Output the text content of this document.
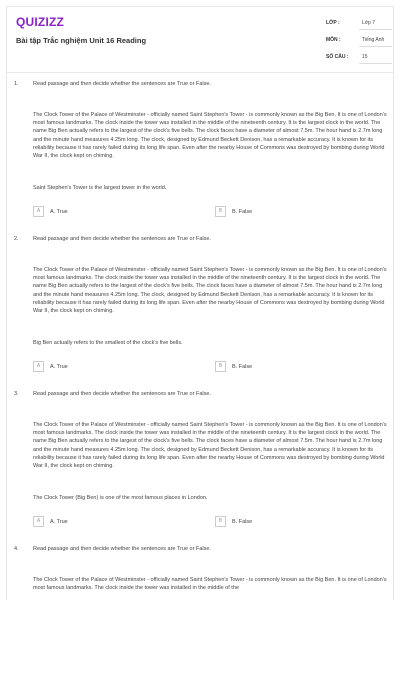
QUIZIZZ
Bài tập Trắc nghiệm Unit 16 Reading
LỚP :	Lớp 7
MÔN :	Tiếng Anh
SỐ CÂU :	15
1.	Read passage and then decide whether the sentences are True or False.
The Clock Tower of the Palace of Westminster - officially named Saint Stephen's Tower - is commonly known as the Big Ben. It is one of London's most famous landmarks. The clock inside the tower was installed in the middle of the nineteenth century. It is the largest clock in the world. The name Big Ben actually refers to the largest of the clock's five bells. The clock faces have a diameter of almost 7.5m. The hour hand is 2.7m long and the minute hand measures 4.25m long. The clock, designed by Edmund Beckett Denison, has a remarkable accuracy. It is known for its reliability because it has rarely failed during its long life span. Even after the nearby House of Commons was destroyed by bombing during World War II, the clock kept on chiming.
Saint Stephen's Tower is the largest tower in the world.
A	A. True	B	B. False
2.	Read passage and then decide whether the sentences are True or False.
The Clock Tower of the Palace of Westminster - officially named Saint Stephen's Tower - is commonly known as the Big Ben. It is one of London's most famous landmarks. The clock inside the tower was installed in the middle of the nineteenth century. It is the largest clock in the world. The name Big Ben actually refers to the largest of the clock's five bells. The clock faces have a diameter of almost 7.5m. The hour hand is 2.7m long and the minute hand measures 4.25m long. The clock, designed by Edmund Beckett Denison, has a remarkable accuracy. It is known for its reliability because it has rarely failed during its long life span. Even after the nearby House of Commons was destroyed by bombing during World War II, the clock kept on chiming.
Big Ben actually refers to the smallest of the clock's five bells.
A	A. True	B	B. False
3.	Read passage and then decide whether the sentences are True or False.
The Clock Tower of the Palace of Westminster - officially named Saint Stephen's Tower - is commonly known as the Big Ben. It is one of London's most famous landmarks. The clock inside the tower was installed in the middle of the nineteenth century. It is the largest clock in the world. The name Big Ben actually refers to the largest of the clock's five bells. The clock faces have a diameter of almost 7.5m. The hour hand is 2.7m long and the minute hand measures 4.25m long. The clock, designed by Edmund Beckett Denison, has a remarkable accuracy. It is known for its reliability because it has rarely failed during its long life span. Even after the nearby House of Commons was destroyed by bombing during World War II, the clock kept on chiming.
The Clock Tower (Big Ben) is one of the most famous places in London.
A	A. True	B	B. False
4.	Read passage and then decide whether the sentences are True or False.
The Clock Tower of the Palace of Westminster - officially named Saint Stephen's Tower - is commonly known as the Big Ben. It is one of London's most famous landmarks. The clock inside the tower was installed in the middle of the
